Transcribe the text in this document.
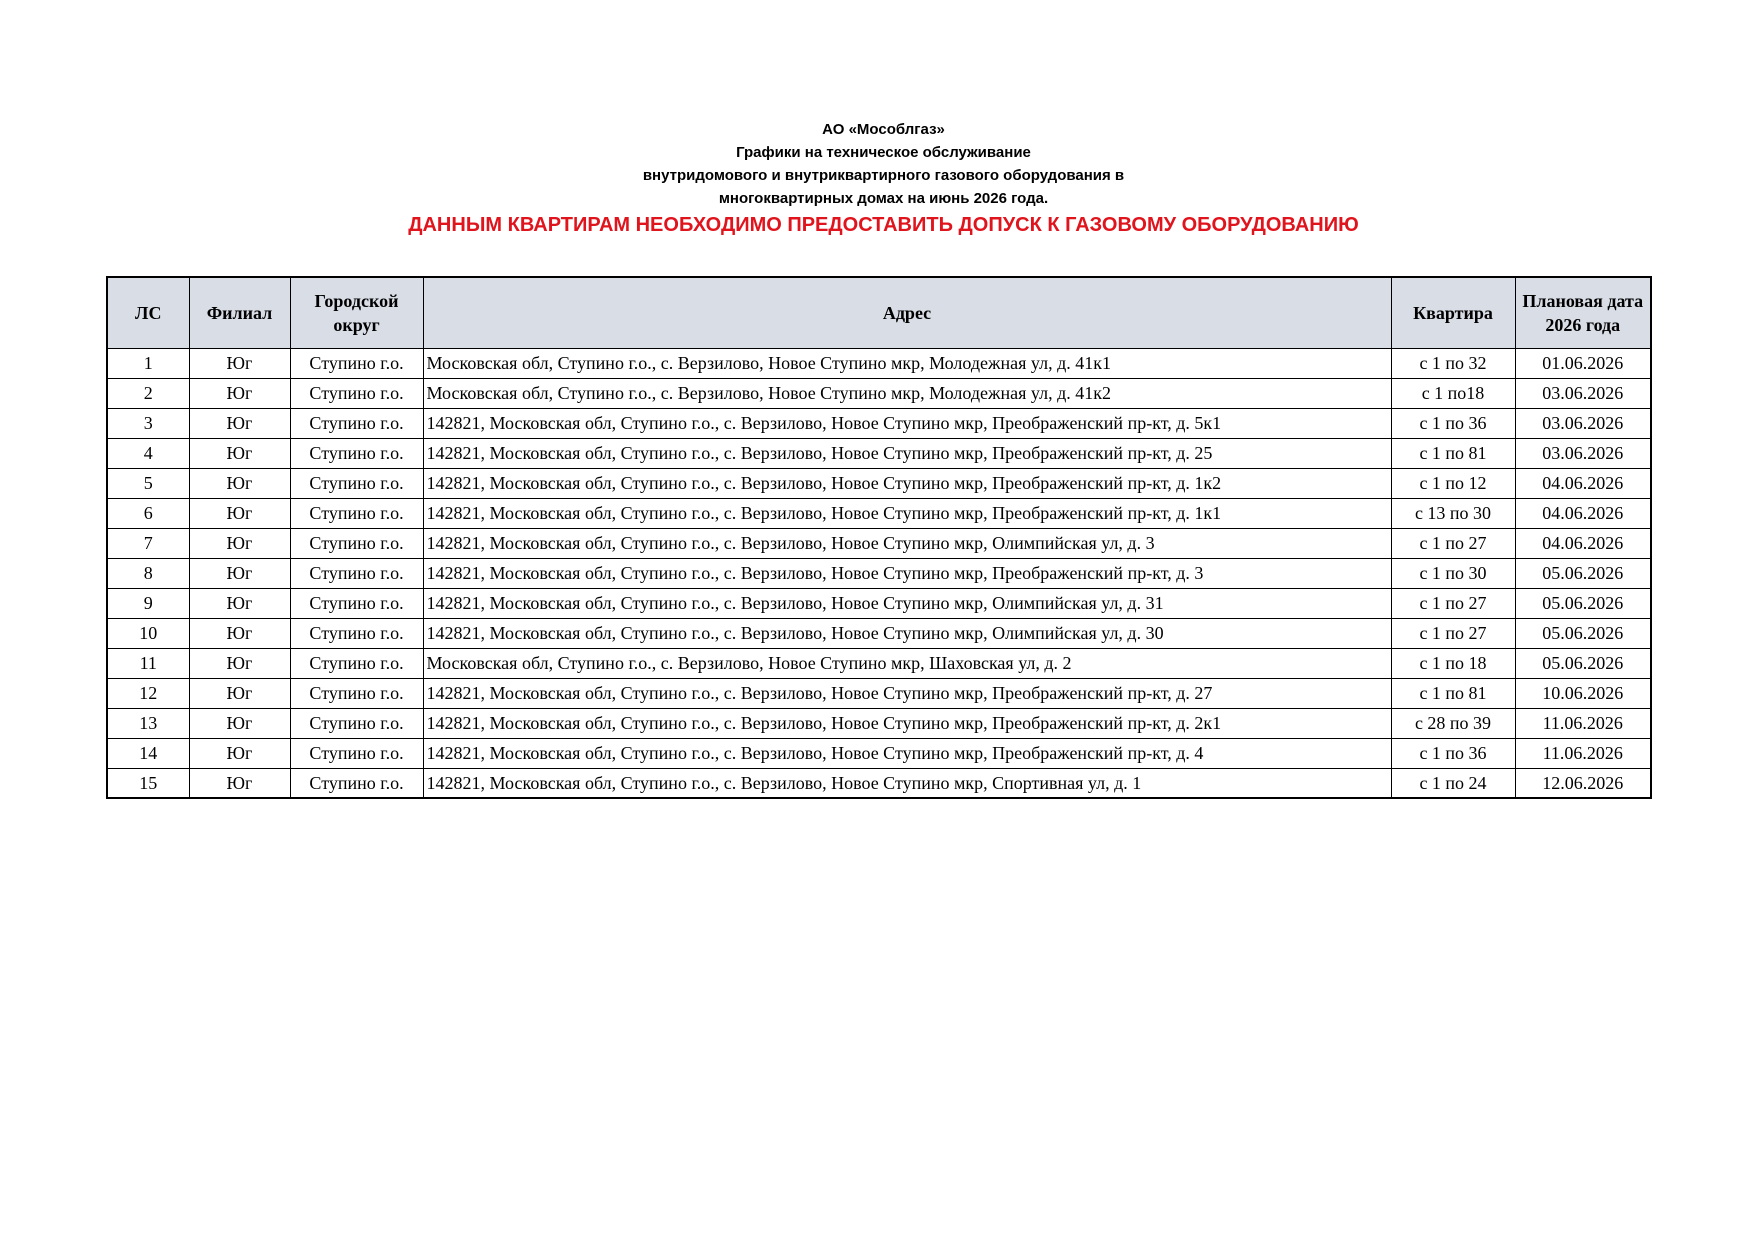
АО «Мособлгаз»
Графики на техническое обслуживание
внутридомового и внутриквартирного газового оборудования в
многоквартирных домах на июнь 2026 года.
ДАННЫМ КВАРТИРАМ НЕОБХОДИМО ПРЕДОСТАВИТЬ ДОПУСК К ГАЗОВОМУ ОБОРУДОВАНИЮ
ЛС	Филиал	Городской округ	Адрес	Квартира	Плановая дата 2026 года
1	Юг	Ступино г.о.	Московская обл, Ступино г.о., с. Верзилово, Новое Ступино мкр, Молодежная ул, д. 41к1	с 1 по 32	01.06.2026
2	Юг	Ступино г.о.	Московская обл, Ступино г.о., с. Верзилово, Новое Ступино мкр, Молодежная ул, д. 41к2	с 1 по18	03.06.2026
3	Юг	Ступино г.о.	142821, Московская обл, Ступино г.о., с. Верзилово, Новое Ступино мкр, Преображенский пр-кт, д. 5к1	с 1 по 36	03.06.2026
4	Юг	Ступино г.о.	142821, Московская обл, Ступино г.о., с. Верзилово, Новое Ступино мкр, Преображенский пр-кт, д. 25	с 1 по 81	03.06.2026
5	Юг	Ступино г.о.	142821, Московская обл, Ступино г.о., с. Верзилово, Новое Ступино мкр, Преображенский пр-кт, д. 1к2	с 1 по 12	04.06.2026
6	Юг	Ступино г.о.	142821, Московская обл, Ступино г.о., с. Верзилово, Новое Ступино мкр, Преображенский пр-кт, д. 1к1	с 13 по 30	04.06.2026
7	Юг	Ступино г.о.	142821, Московская обл, Ступино г.о., с. Верзилово, Новое Ступино мкр, Олимпийская ул, д. 3	с 1 по 27	04.06.2026
8	Юг	Ступино г.о.	142821, Московская обл, Ступино г.о., с. Верзилово, Новое Ступино мкр, Преображенский пр-кт, д. 3	с 1 по 30	05.06.2026
9	Юг	Ступино г.о.	142821, Московская обл, Ступино г.о., с. Верзилово, Новое Ступино мкр, Олимпийская ул, д. 31	с 1 по 27	05.06.2026
10	Юг	Ступино г.о.	142821, Московская обл, Ступино г.о., с. Верзилово, Новое Ступино мкр, Олимпийская ул, д. 30	с 1 по 27	05.06.2026
11	Юг	Ступино г.о.	Московская обл, Ступино г.о., с. Верзилово, Новое Ступино мкр, Шаховская ул, д. 2	с 1 по 18	05.06.2026
12	Юг	Ступино г.о.	142821, Московская обл, Ступино г.о., с. Верзилово, Новое Ступино мкр, Преображенский пр-кт, д. 27	с 1 по 81	10.06.2026
13	Юг	Ступино г.о.	142821, Московская обл, Ступино г.о., с. Верзилово, Новое Ступино мкр, Преображенский пр-кт, д. 2к1	с 28 по 39	11.06.2026
14	Юг	Ступино г.о.	142821, Московская обл, Ступино г.о., с. Верзилово, Новое Ступино мкр, Преображенский пр-кт, д. 4	с 1 по 36	11.06.2026
15	Юг	Ступино г.о.	142821, Московская обл, Ступино г.о., с. Верзилово, Новое Ступино мкр, Спортивная ул, д. 1	с 1 по 24	12.06.2026
